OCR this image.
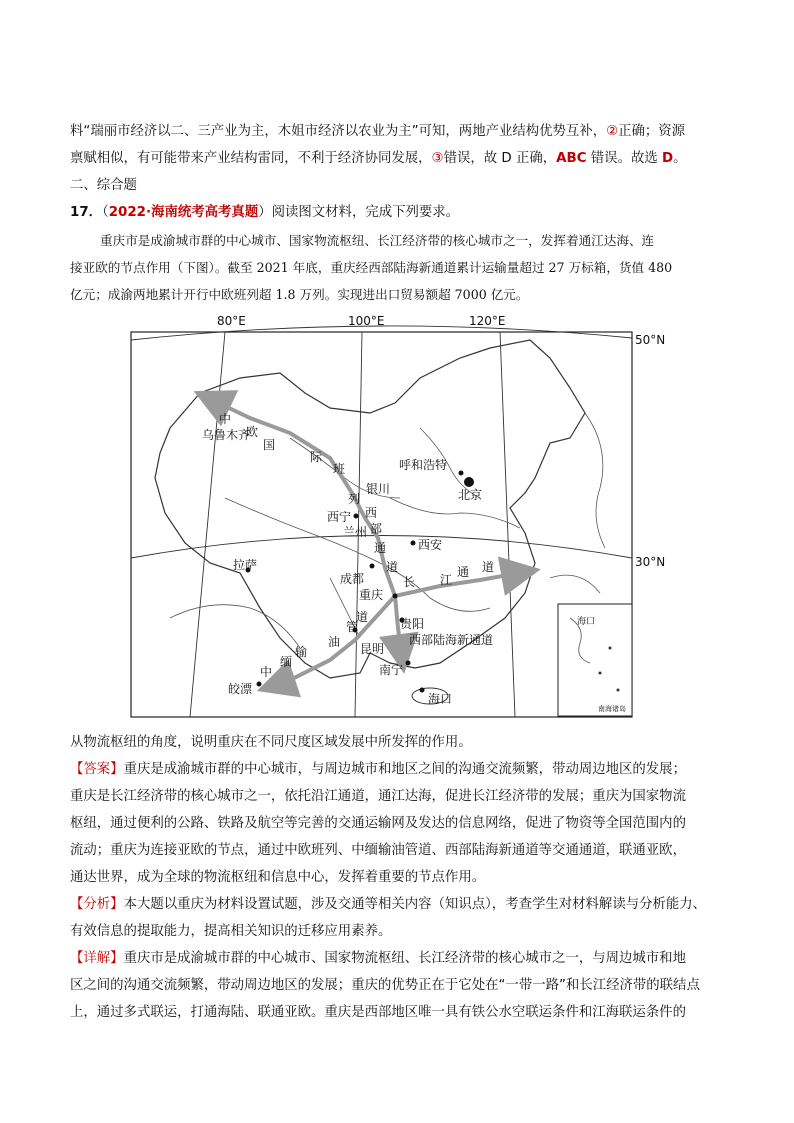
料“瑞丽市经济以二、三产业为主，木姐市经济以农业为主”可知，两地产业结构优势互补，②正确；资源
禀赋相似，有可能带来产业结构雷同，不利于经济协同发展，③错误，故 D 正确，ABC 错误。故选 D。
二、综合题
17．（2022·海南统考高考真题）阅读图文材料，完成下列要求。
重庆市是成渝城市群的中心城市、国家物流枢纽、长江经济带的核心城市之一，发挥着通江达海、连
接亚欧的节点作用（下图）。截至 2021 年底，重庆经西部陆海新通道累计运输量超过 27 万标箱，货值 480
亿元；成渝两地累计开行中欧班列超 1.8 万列。实现进出口贸易额超 7000 亿元。
80°E	100°E	120°E
50°N
30°N
乌鲁木齐
呼和浩特
北京
银川
西宁
兰州
西安
拉萨
成都
重庆
贵阳
昆明
南宁
海口
皎漂
中
欧
国
际
班
列
西
部
通
道
长 江
通 道
中
缅
输
油
管
道
西部陆海新通道
海口
南海诸岛
从物流枢纽的角度，说明重庆在不同尺度区域发展中所发挥的作用。
【答案】重庆是成渝城市群的中心城市，与周边城市和地区之间的沟通交流频繁，带动周边地区的发展；
重庆是长江经济带的核心城市之一，依托沿江通道，通江达海，促进长江经济带的发展；重庆为国家物流
枢纽，通过便利的公路、铁路及航空等完善的交通运输网及发达的信息网络，促进了物资等全国范围内的
流动；重庆为连接亚欧的节点，通过中欧班列、中缅输油管道、西部陆海新通道等交通通道，联通亚欧，
通达世界，成为全球的物流枢纽和信息中心，发挥着重要的节点作用。
【分析】本大题以重庆为材料设置试题，涉及交通等相关内容（知识点），考查学生对材料解读与分析能力、
有效信息的提取能力，提高相关知识的迁移应用素养。
【详解】重庆市是成渝城市群的中心城市、国家物流枢纽、长江经济带的核心城市之一，与周边城市和地
区之间的沟通交流频繁，带动周边地区的发展；重庆的优势正在于它处在“一带一路”和长江经济带的联结点
上，通过多式联运，打通海陆、联通亚欧。重庆是西部地区唯一具有铁公水空联运条件和江海联运条件的
